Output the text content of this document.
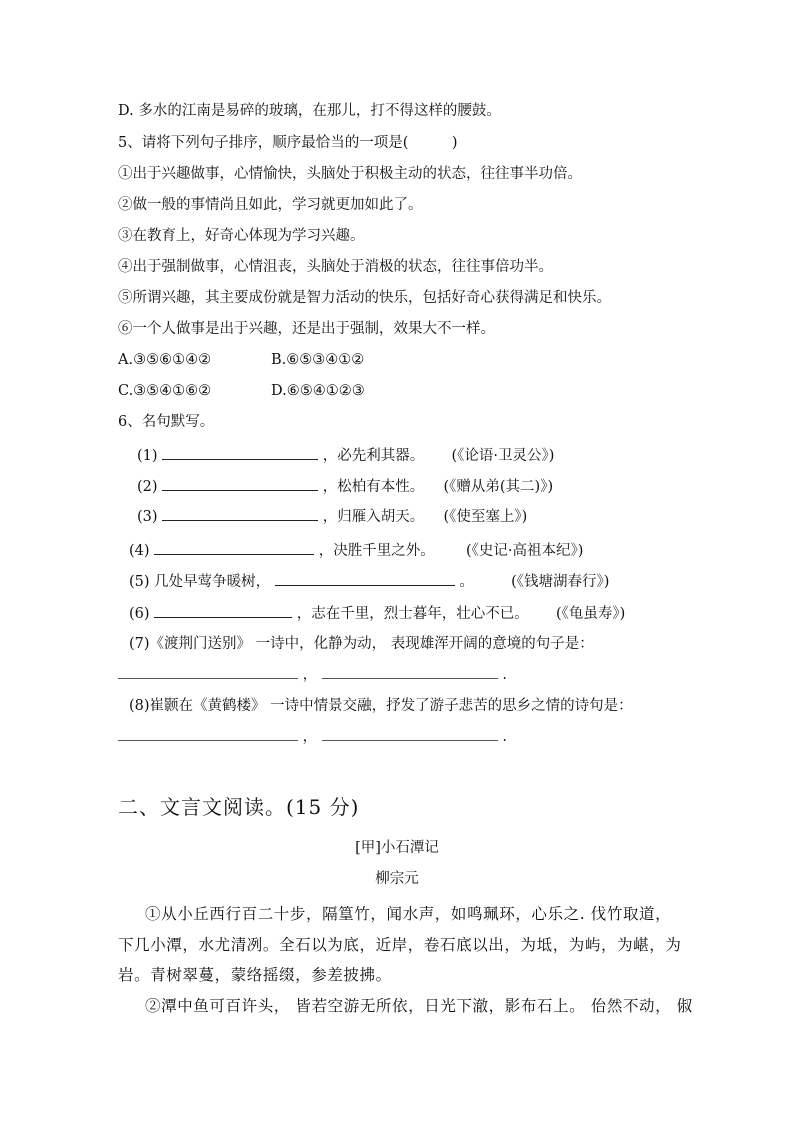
D. 多水的江南是易碎的玻璃，在那儿，打不得这样的腰鼓。
5、请将下列句子排序，顺序最恰当的一项是(　　　)
①出于兴趣做事，心情愉快，头脑处于积极主动的状态，往往事半功倍。
②做一般的事情尚且如此，学习就更加如此了。
③在教育上，好奇心体现为学习兴趣。
④出于强制做事，心情沮丧，头脑处于消极的状态，往往事倍功半。
⑤所谓兴趣，其主要成份就是智力活动的快乐，包括好奇心获得满足和快乐。
⑥一个人做事是出于兴趣，还是出于强制，效果大不一样。
A.③⑤⑥①④②	B.⑥⑤③④①②
C.③⑤④①⑥②	D.⑥⑤④①②③
6、名句默写。
(1)	，必先利其器。 (《论语·卫灵公》)
(2)	，松柏有本性。 (《赠从弟(其二)》)
(3)	，归雁入胡天。 (《使至塞上》)
(4)	，决胜千里之外。 (《史记·高祖本纪》)
(5) 几处早莺争暖树，	。	(《钱塘湖春行》)
(6)	，志在千里，烈士暮年，壮心不已。 (《龟虽寿》)
(7)《渡荆门送别》 一诗中，化静为动， 表现雄浑开阔的意境的句子是：
，	.
(8)崔颢在《黄鹤楼》 一诗中情景交融，抒发了游子悲苦的思乡之情的诗句是：
，	.
二、文言文阅读。(15 分)
[甲]小石潭记
柳宗元
①从小丘西行百二十步，隔篁竹，闻水声，如鸣珮环，心乐之. 伐竹取道，
下几小潭，水尤清冽。全石以为底，近岸，卷石底以出，为坻，为屿，为嵁，为
岩。青树翠蔓，蒙络摇缀，参差披拂。
②潭中鱼可百许头， 皆若空游无所依，日光下澈，影布石上。 佁然不动， 俶
